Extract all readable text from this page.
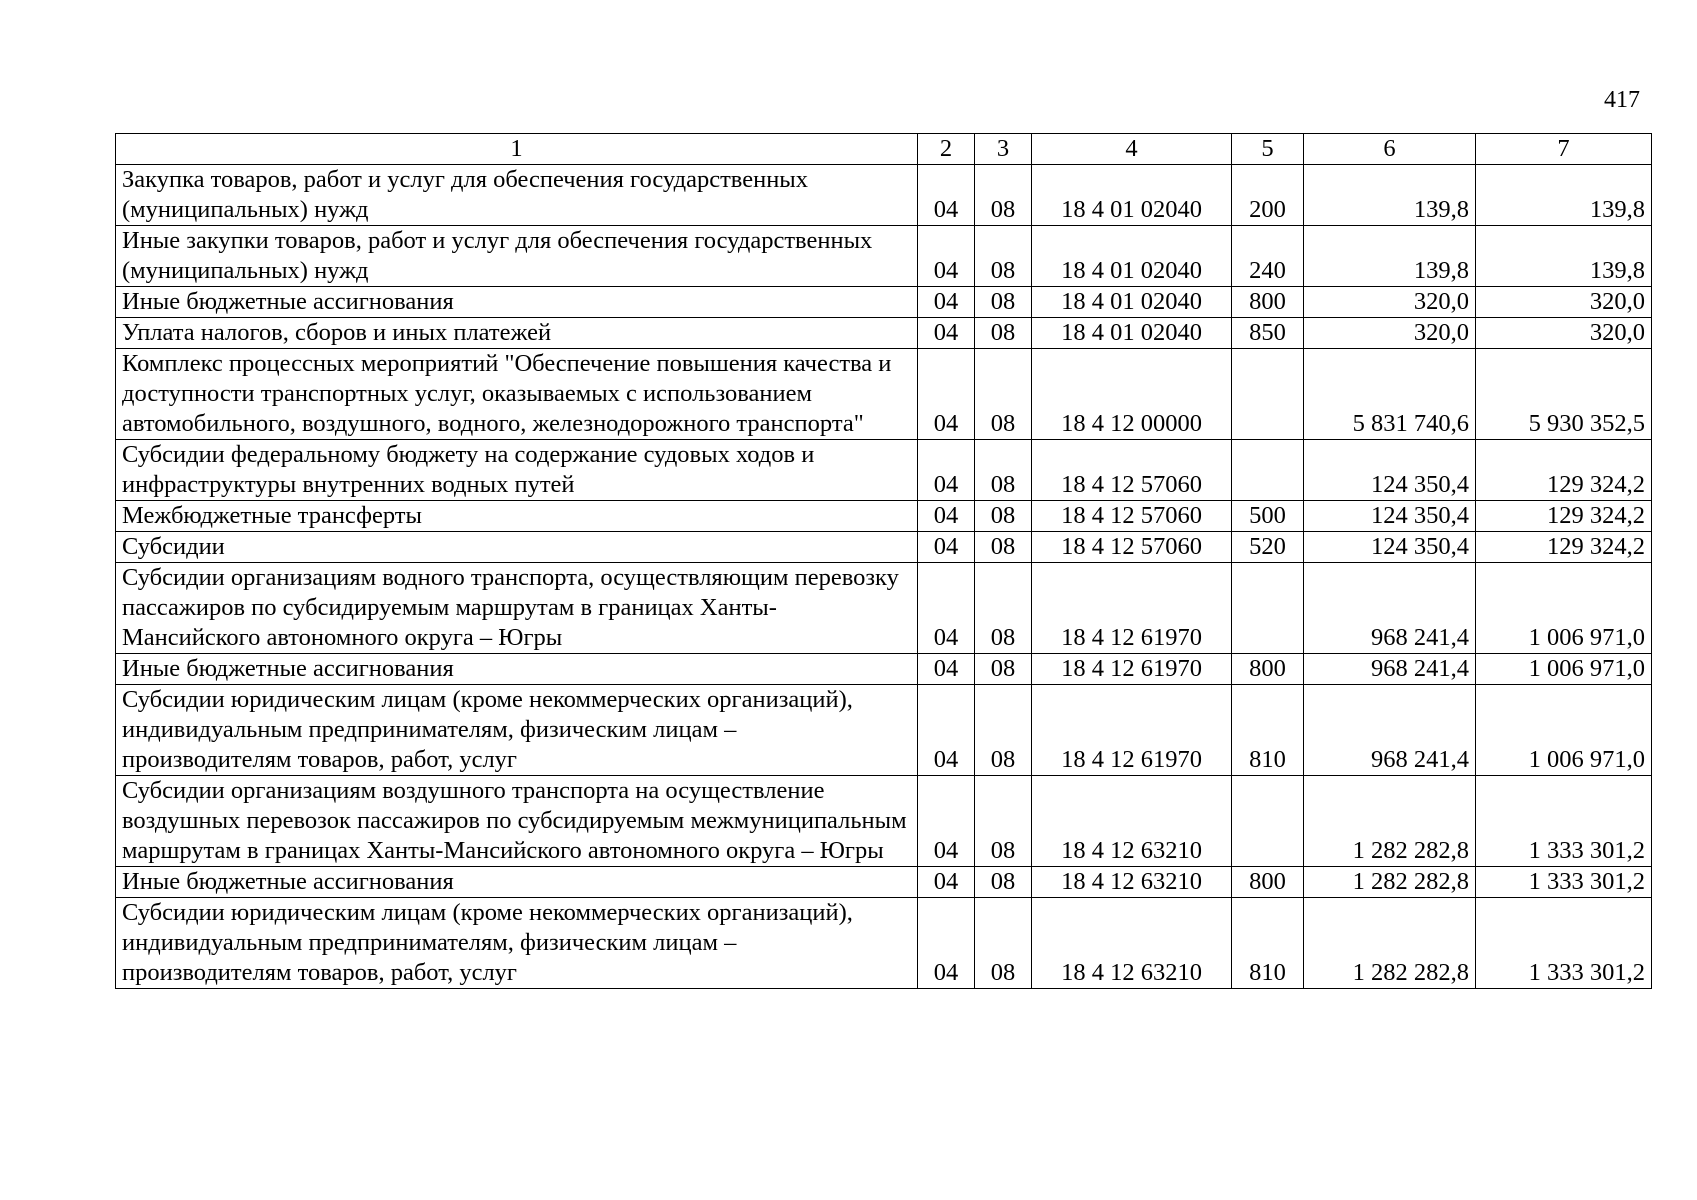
417
1	2	3	4	5	6	7
Закупка товаров, работ и услуг для обеспечения государственных (муниципальных) нужд	04	08	18 4 01 02040	200	139,8	139,8
Иные закупки товаров, работ и услуг для обеспечения государственных (муниципальных) нужд	04	08	18 4 01 02040	240	139,8	139,8
Иные бюджетные ассигнования	04	08	18 4 01 02040	800	320,0	320,0
Уплата налогов, сборов и иных платежей	04	08	18 4 01 02040	850	320,0	320,0
Комплекс процессных мероприятий "Обеспечение повышения качества и доступности транспортных услуг, оказываемых с использованием автомобильного, воздушного, водного, железнодорожного транспорта"	04	08	18 4 12 00000		5 831 740,6	5 930 352,5
Субсидии федеральному бюджету на содержание судовых ходов и инфраструктуры внутренних водных путей	04	08	18 4 12 57060		124 350,4	129 324,2
Межбюджетные трансферты	04	08	18 4 12 57060	500	124 350,4	129 324,2
Субсидии	04	08	18 4 12 57060	520	124 350,4	129 324,2
Субсидии организациям водного транспорта, осуществляющим перевозку пассажиров по субсидируемым маршрутам в границах Ханты-Мансийского автономного округа – Югры	04	08	18 4 12 61970		968 241,4	1 006 971,0
Иные бюджетные ассигнования	04	08	18 4 12 61970	800	968 241,4	1 006 971,0
Субсидии юридическим лицам (кроме некоммерческих организаций), индивидуальным предпринимателям, физическим лицам – производителям товаров, работ, услуг	04	08	18 4 12 61970	810	968 241,4	1 006 971,0
Субсидии организациям воздушного транспорта на осуществление воздушных перевозок пассажиров по субсидируемым межмуниципальным маршрутам в границах Ханты-Мансийского автономного округа – Югры	04	08	18 4 12 63210		1 282 282,8	1 333 301,2
Иные бюджетные ассигнования	04	08	18 4 12 63210	800	1 282 282,8	1 333 301,2
Субсидии юридическим лицам (кроме некоммерческих организаций), индивидуальным предпринимателям, физическим лицам – производителям товаров, работ, услуг	04	08	18 4 12 63210	810	1 282 282,8	1 333 301,2
